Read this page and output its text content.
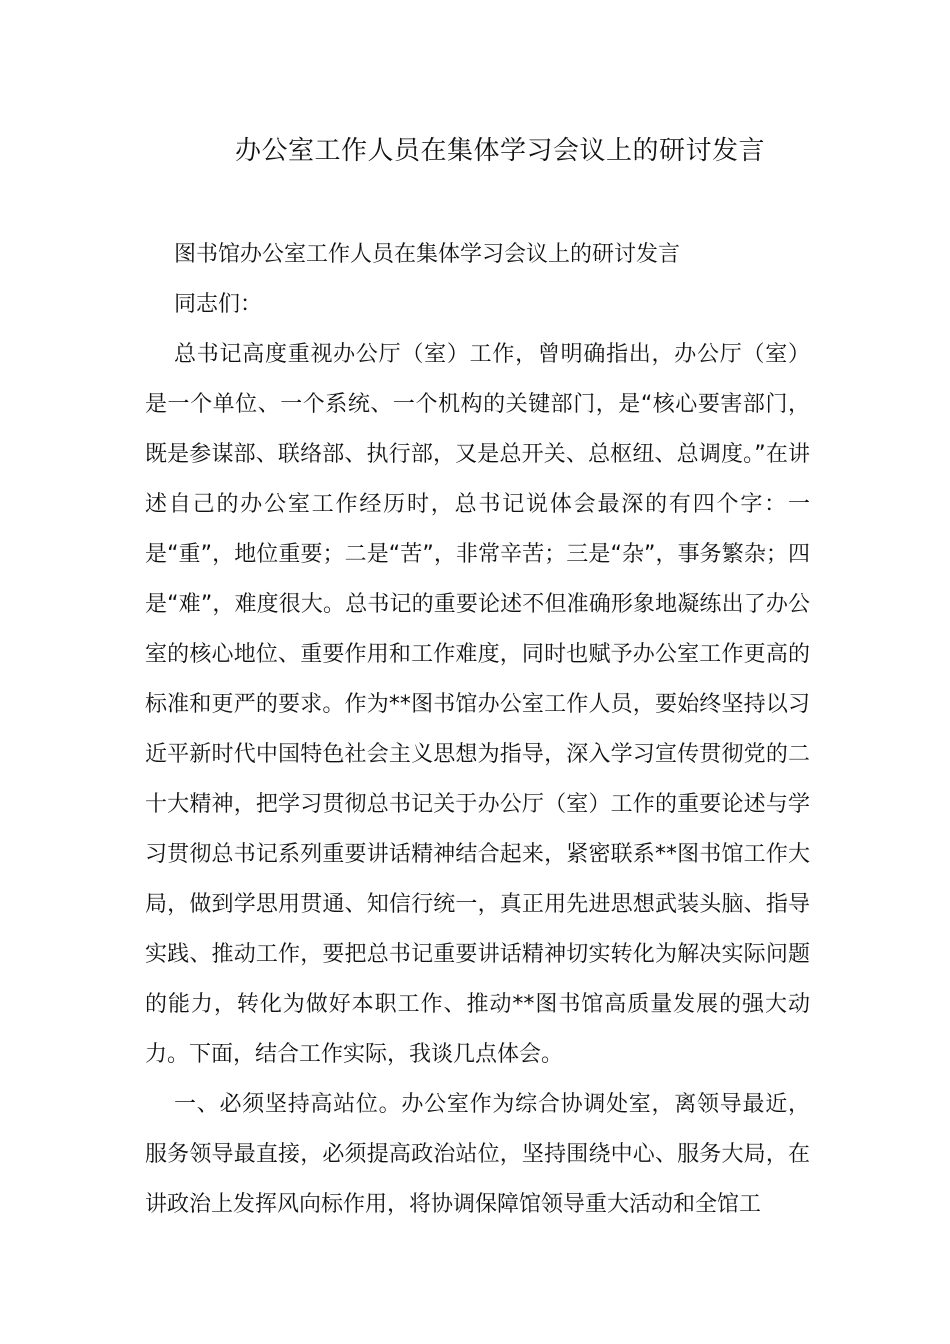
办公室工作人员在集体学习会议上的研讨发言

图书馆办公室工作人员在集体学习会议上的研讨发言

同志们：

总书记高度重视办公厅（室）工作，曾明确指出，办公厅（室）是一个单位、一个系统、一个机构的关键部门，是“核心要害部门，既是参谋部、联络部、执行部，又是总开关、总枢纽、总调度。”在讲述自己的办公室工作经历时，总书记说体会最深的有四个字：一是“重”，地位重要；二是“苦”，非常辛苦；三是“杂”，事务繁杂；四是“难”，难度很大。总书记的重要论述不但准确形象地凝练出了办公室的核心地位、重要作用和工作难度，同时也赋予办公室工作更高的标准和更严的要求。作为**图书馆办公室工作人员，要始终坚持以习近平新时代中国特色社会主义思想为指导，深入学习宣传贯彻党的二十大精神，把学习贯彻总书记关于办公厅（室）工作的重要论述与学习贯彻总书记系列重要讲话精神结合起来，紧密联系**图书馆工作大局，做到学思用贯通、知信行统一，真正用先进思想武装头脑、指导实践、推动工作，要把总书记重要讲话精神切实转化为解决实际问题的能力，转化为做好本职工作、推动**图书馆高质量发展的强大动力。下面，结合工作实际，我谈几点体会。

一、必须坚持高站位。办公室作为综合协调处室，离领导最近，服务领导最直接，必须提高政治站位，坚持围绕中心、服务大局，在讲政治上发挥风向标作用，将协调保障馆领导重大活动和全馆工
